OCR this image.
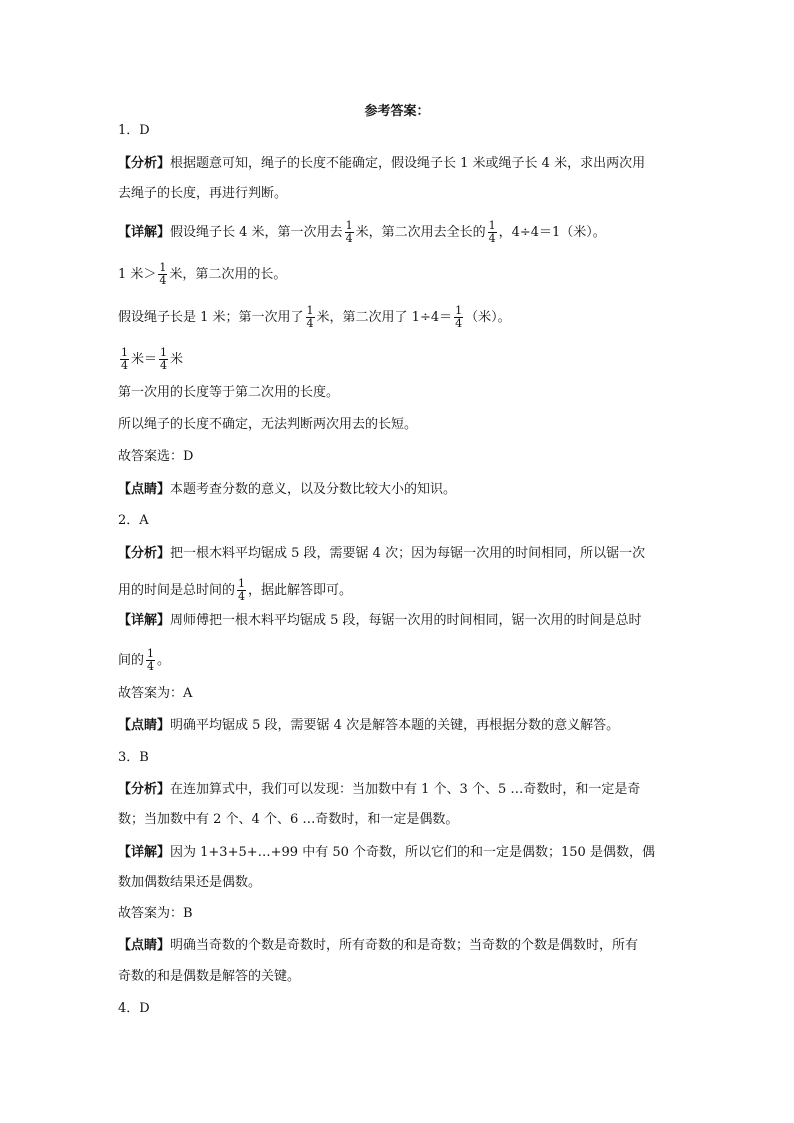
参考答案：
1．D
【分析】根据题意可知，绳子的长度不能确定，假设绳子长 1 米或绳子长 4 米，求出两次用
去绳子的长度，再进行判断。
【详解】假设绳子长 4 米，第一次用去 $\frac{1}{4}$ 米，第二次用去全长的 $\frac{1}{4}$ ，4÷4＝1（米）。
1 米＞ $\frac{1}{4}$ 米，第二次用的长。
假设绳子长是 1 米；第一次用了 $\frac{1}{4}$ 米，第二次用了 $1\div 4= \frac{1}{4}$ （米）。
$\frac{1}{4}$ 米＝ $\frac{1}{4}$ 米
第一次用的长度等于第二次用的长度。
所以绳子的长度不确定，无法判断两次用去的长短。
故答案选：D
【点睛】本题考查分数的意义，以及分数比较大小的知识。
2．A
【分析】把一根木料平均锯成 5 段，需要锯 4 次；因为每锯一次用的时间相同，所以锯一次
用的时间是总时间的 $\frac{1}{4}$ ，据此解答即可。
【详解】周师傅把一根木料平均锯成 5 段，每锯一次用的时间相同，锯一次用的时间是总时
间的 $\frac{1}{4}$ 。
故答案为：A
【点睛】明确平均锯成 5 段，需要锯 4 次是解答本题的关键，再根据分数的意义解答。
3．B
【分析】在连加算式中，我们可以发现：当加数中有 1 个、3 个、5 …奇数时，和一定是奇
数；当加数中有 2 个、4 个、6 …奇数时，和一定是偶数。
【详解】因为 1+3+5+…+99 中有 50 个奇数，所以它们的和一定是偶数；150 是偶数，偶
数加偶数结果还是偶数。
故答案为：B
【点睛】明确当奇数的个数是奇数时，所有奇数的和是奇数；当奇数的个数是偶数时，所有
奇数的和是偶数是解答的关键。
4．D
